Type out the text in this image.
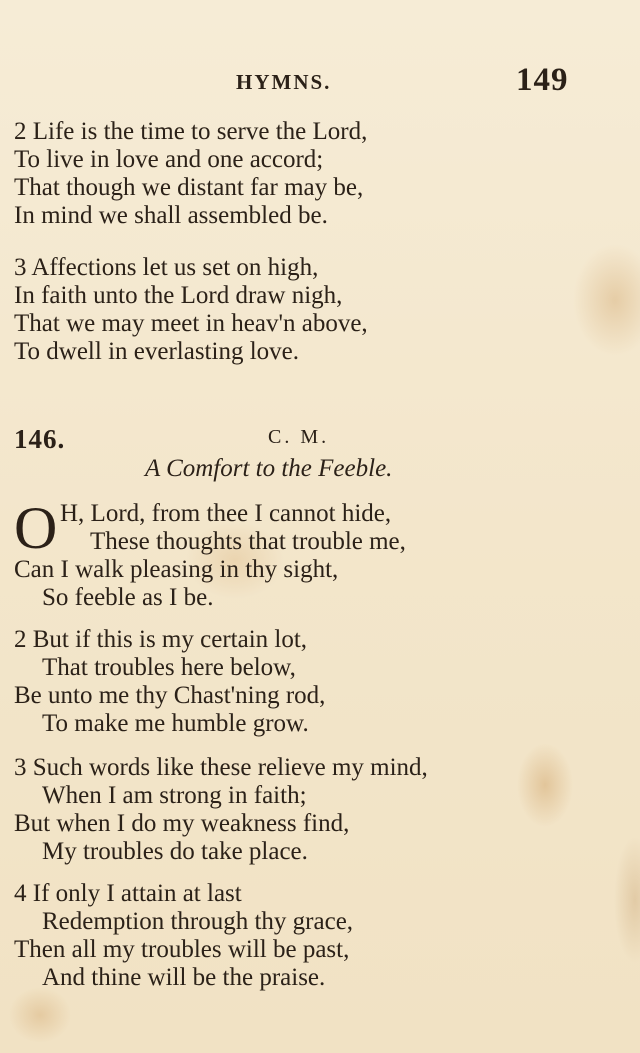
HYMNS.	149
2 Life is the time to serve the Lord,
To live in love and one accord;
That though we distant far may be,
In mind we shall assembled be.
3 Affections let us set on high,
In faith unto the Lord draw nigh,
That we may meet in heav'n above,
To dwell in everlasting love.
146.	C. M.
A Comfort to the Feeble.
O H, Lord, from thee I cannot hide,
These thoughts that trouble me,
Can I walk pleasing in thy sight,
So feeble as I be.
2 But if this is my certain lot,
That troubles here below,
Be unto me thy Chast'ning rod,
To make me humble grow.
3 Such words like these relieve my mind,
When I am strong in faith;
But when I do my weakness find,
My troubles do take place.
4 If only I attain at last
Redemption through thy grace,
Then all my troubles will be past,
And thine will be the praise.
